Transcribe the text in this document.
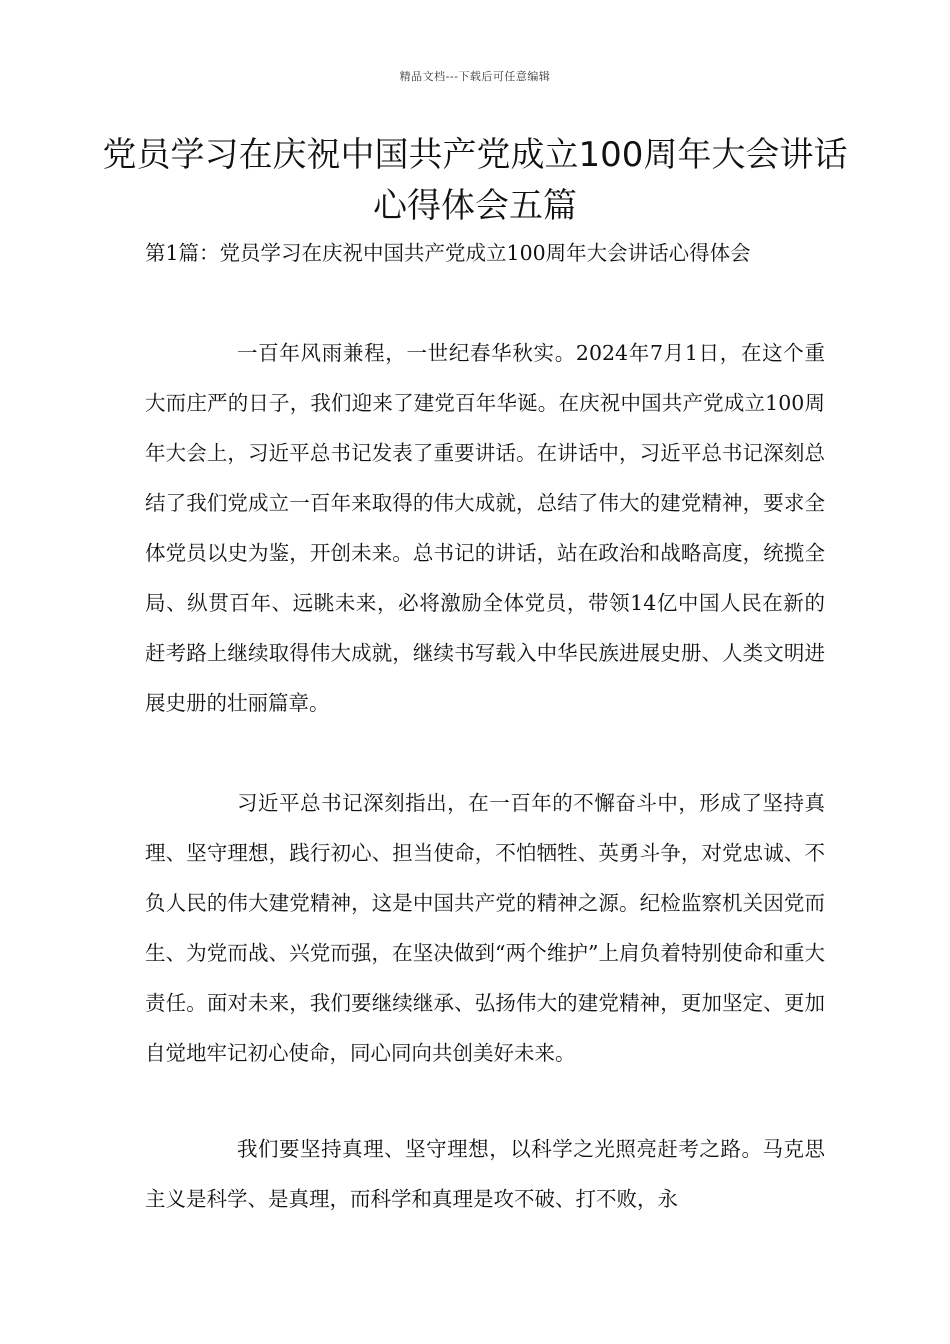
精品文档---下载后可任意编辑
党员学习在庆祝中国共产党成立100周年大会讲话心得体会五篇

第1篇：党员学习在庆祝中国共产党成立100周年大会讲话心得体会

一百年风雨兼程，一世纪春华秋实。2024年7月1日，在这个重大而庄严的日子，我们迎来了建党百年华诞。在庆祝中国共产党成立100周年大会上，习近平总书记发表了重要讲话。在讲话中，习近平总书记深刻总结了我们党成立一百年来取得的伟大成就，总结了伟大的建党精神，要求全体党员以史为鉴，开创未来。总书记的讲话，站在政治和战略高度，统揽全局、纵贯百年、远眺未来，必将激励全体党员，带领14亿中国人民在新的赶考路上继续取得伟大成就，继续书写载入中华民族进展史册、人类文明进展史册的壮丽篇章。

习近平总书记深刻指出，在一百年的不懈奋斗中，形成了坚持真理、坚守理想，践行初心、担当使命，不怕牺牲、英勇斗争，对党忠诚、不负人民的伟大建党精神，这是中国共产党的精神之源。纪检监察机关因党而生、为党而战、兴党而强，在坚决做到“两个维护”上肩负着特别使命和重大责任。面对未来，我们要继续继承、弘扬伟大的建党精神，更加坚定、更加自觉地牢记初心使命，同心同向共创美好未来。

我们要坚持真理、坚守理想，以科学之光照亮赶考之路。马克思主义是科学、是真理，而科学和真理是攻不破、打不败，永
